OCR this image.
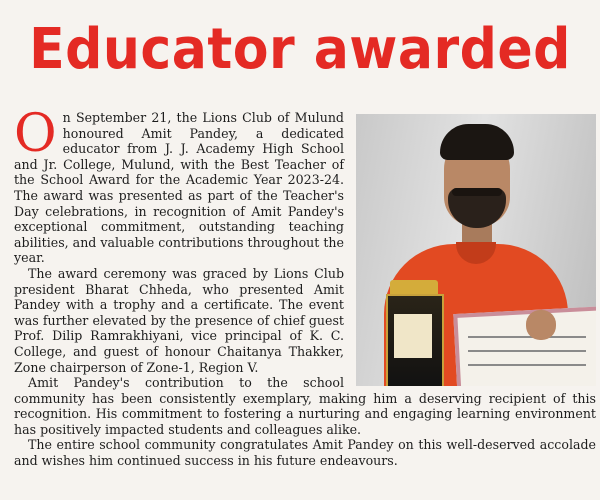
Educator awarded

On September 21, the Lions Club of Mulund honoured Amit Pandey, a dedicated educator from J. J. Academy High School and Jr. College, Mulund, with the Best Teacher of the School Award for the Academic Year 2023-24. The award was presented as part of the Teacher's Day celebrations, in recognition of Amit Pandey's exceptional commitment, outstanding teaching abilities, and valuable contributions throughout the year.

The award ceremony was graced by Lions Club president Bharat Chheda, who presented Amit Pandey with a trophy and a certificate. The event was further elevated by the presence of chief guest Prof. Dilip Ramrakhiyani, vice principal of K. C. College, and guest of honour Chaitanya Thakker, Zone chairperson of Zone-1, Region V.

Amit Pandey's contribution to the school community has been consistently exemplary, making him a deserving recipient of this recognition. His commitment to fostering a nurturing and engaging learning environment has positively impacted students and colleagues alike.

The entire school community congratulates Amit Pandey on this well-deserved accolade and wishes him continued success in his future endeavours.
